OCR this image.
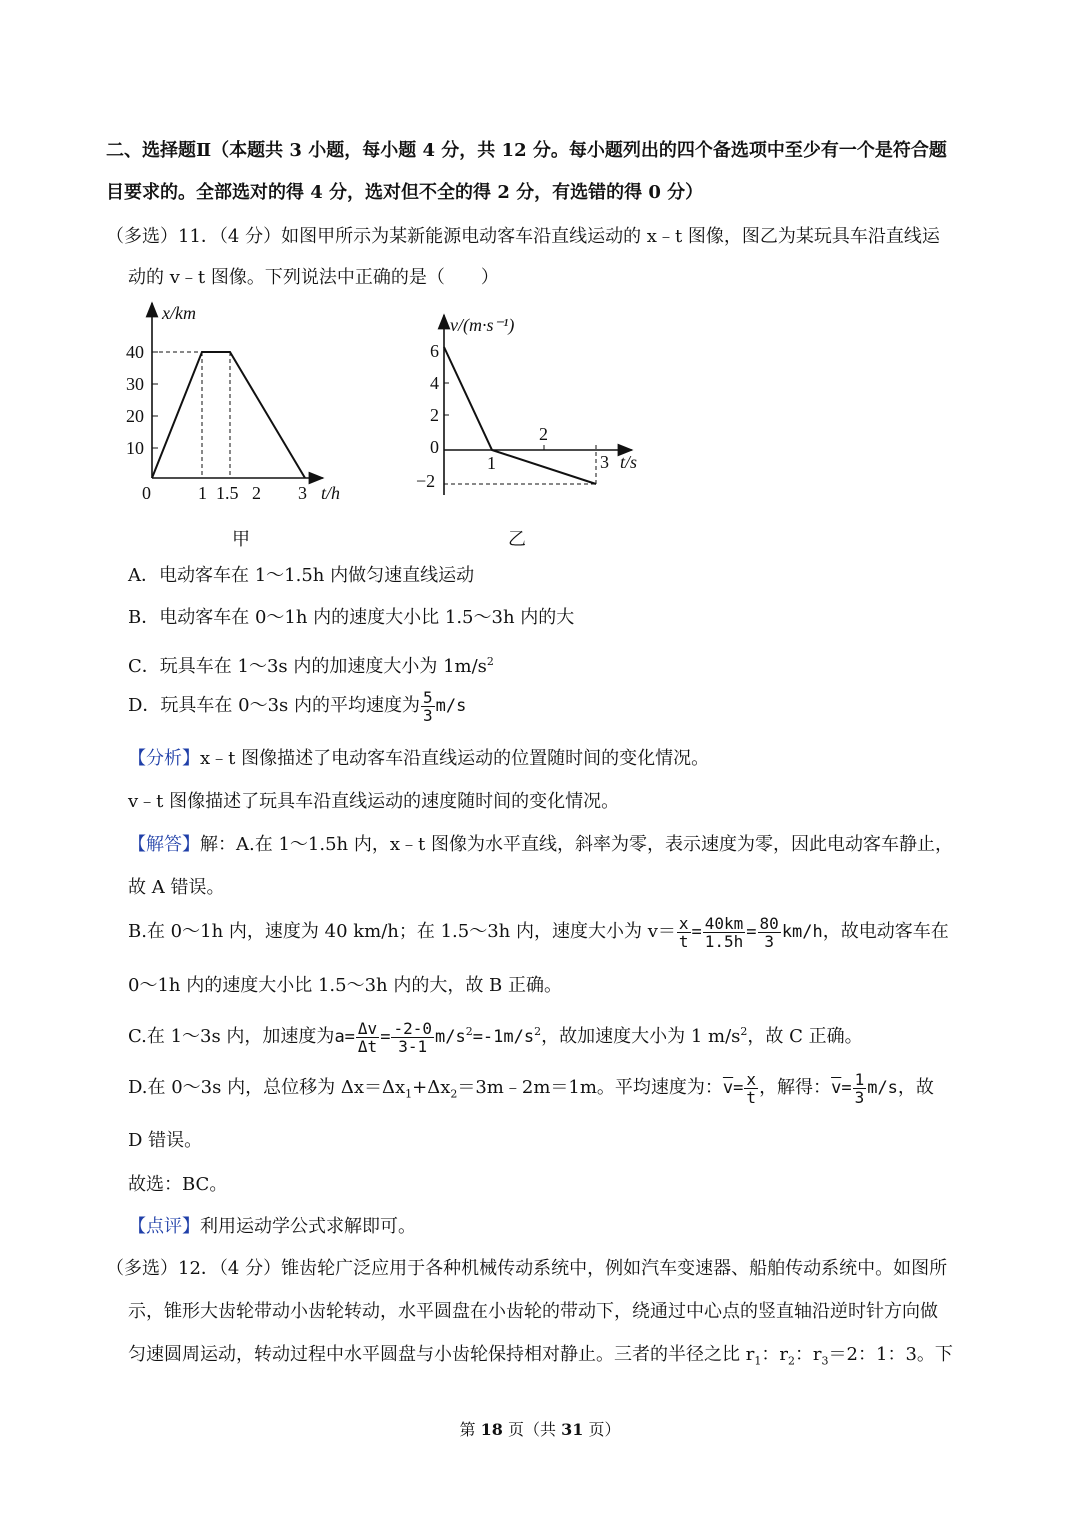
二、选择题Ⅱ（本题共 3 小题，每小题 4 分，共 12 分。每小题列出的四个备选项中至少有一个是符合题
目要求的。全部选对的得 4 分，选对但不全的得 2 分，有选错的得 0 分）
（多选）11．（4 分）如图甲所示为某新能源电动客车沿直线运动的 x﹣t 图像，图乙为某玩具车沿直线运
动的 v﹣t 图像。下列说法中正确的是（　　）
x/km
t/h
40
30
20
10
0	1 1.5 2 3
甲
v/(m·s⁻¹)
t/s
6
4
2
0
−2
1
2
3
乙
A．电动客车在 1～1.5h 内做匀速直线运动
B．电动客车在 0～1h 内的速度大小比 1.5～3h 内的大
C．玩具车在 1～3s 内的加速度大小为 $1m/s^2$
D．玩具车在 0～3s 内的平均速度为 $\frac{5}{3} m/s$
【分析】x﹣t 图像描述了电动客车沿直线运动的位置随时间的变化情况。
v﹣t 图像描述了玩具车沿直线运动的速度随时间的变化情况。
【解答】解：A.在 1～1.5h 内，x﹣t 图像为水平直线，斜率为零，表示速度为零，因此电动客车静止，
故 A 错误。
B.在 0～1h 内，速度为 40 km/h；在 1.5～3h 内，速度大小为 $v= \frac{x}{t} = \frac{40km}{1.5h} = \frac{80}{3} km/h$，故电动客车在
0～1h 内的速度大小比 1.5～3h 内的大，故 B 正确。
C.在 1～3s 内，加速度为$a= \frac{\Delta v}{\Delta t} = \frac{-2-0}{3-1} m/s^2=-1m/s^2$，故加速度大小为 1 $m/s^2$，故 C 正确。
D.在 0～3s 内，总位移为 $\Delta x=\Delta x_1+\Delta x_2=3m﹣2m=1m$。平均速度为：$\overline{v}= \frac{x}{t}$ ，解得：$\overline{v}= \frac{1}{3} m/s$，故
D 错误。
故选：BC。
【点评】利用运动学公式求解即可。
（多选）12．（4 分）锥齿轮广泛应用于各种机械传动系统中，例如汽车变速器、船舶传动系统中。如图所
示，锥形大齿轮带动小齿轮转动，水平圆盘在小齿轮的带动下，绕通过中心点的竖直轴沿逆时针方向做
匀速圆周运动，转动过程中水平圆盘与小齿轮保持相对静止。三者的半径之比 $r_1$：$r_2$：$r_3=2$：1：3。下
第 18 页（共 31 页）
